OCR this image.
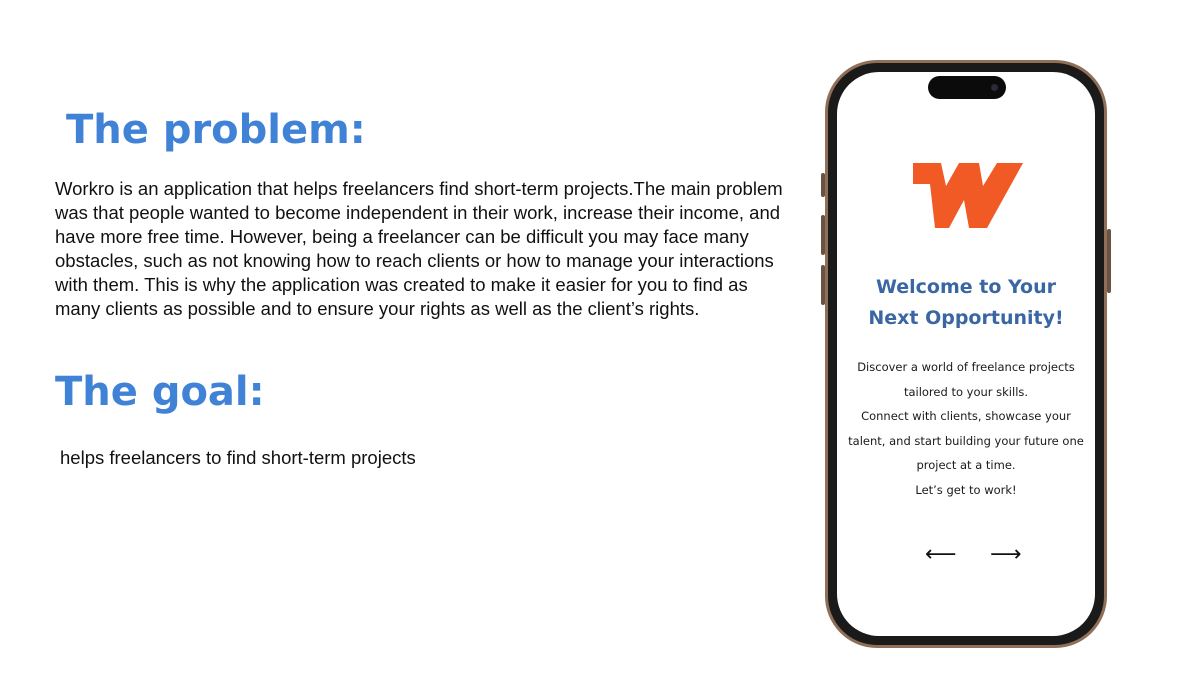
The problem:

Workro is an application that helps freelancers find short-term projects.The main problem was that people wanted to become independent in their work, increase their income, and have more free time. However, being a freelancer can be difficult you may face many obstacles, such as not knowing how to reach clients or how to manage your interactions with them. This is why the application was created to make it easier for you to find as many clients as possible and to ensure your rights as well as the client’s rights.

The goal:

helps freelancers to find short-term projects

Welcome to Your
Next Opportunity!

Discover a world of freelance projects

tailored to your skills.

Connect with clients, showcase your

talent, and start building your future one

project at a time.

Let’s get to work!

⟵ ⟶
